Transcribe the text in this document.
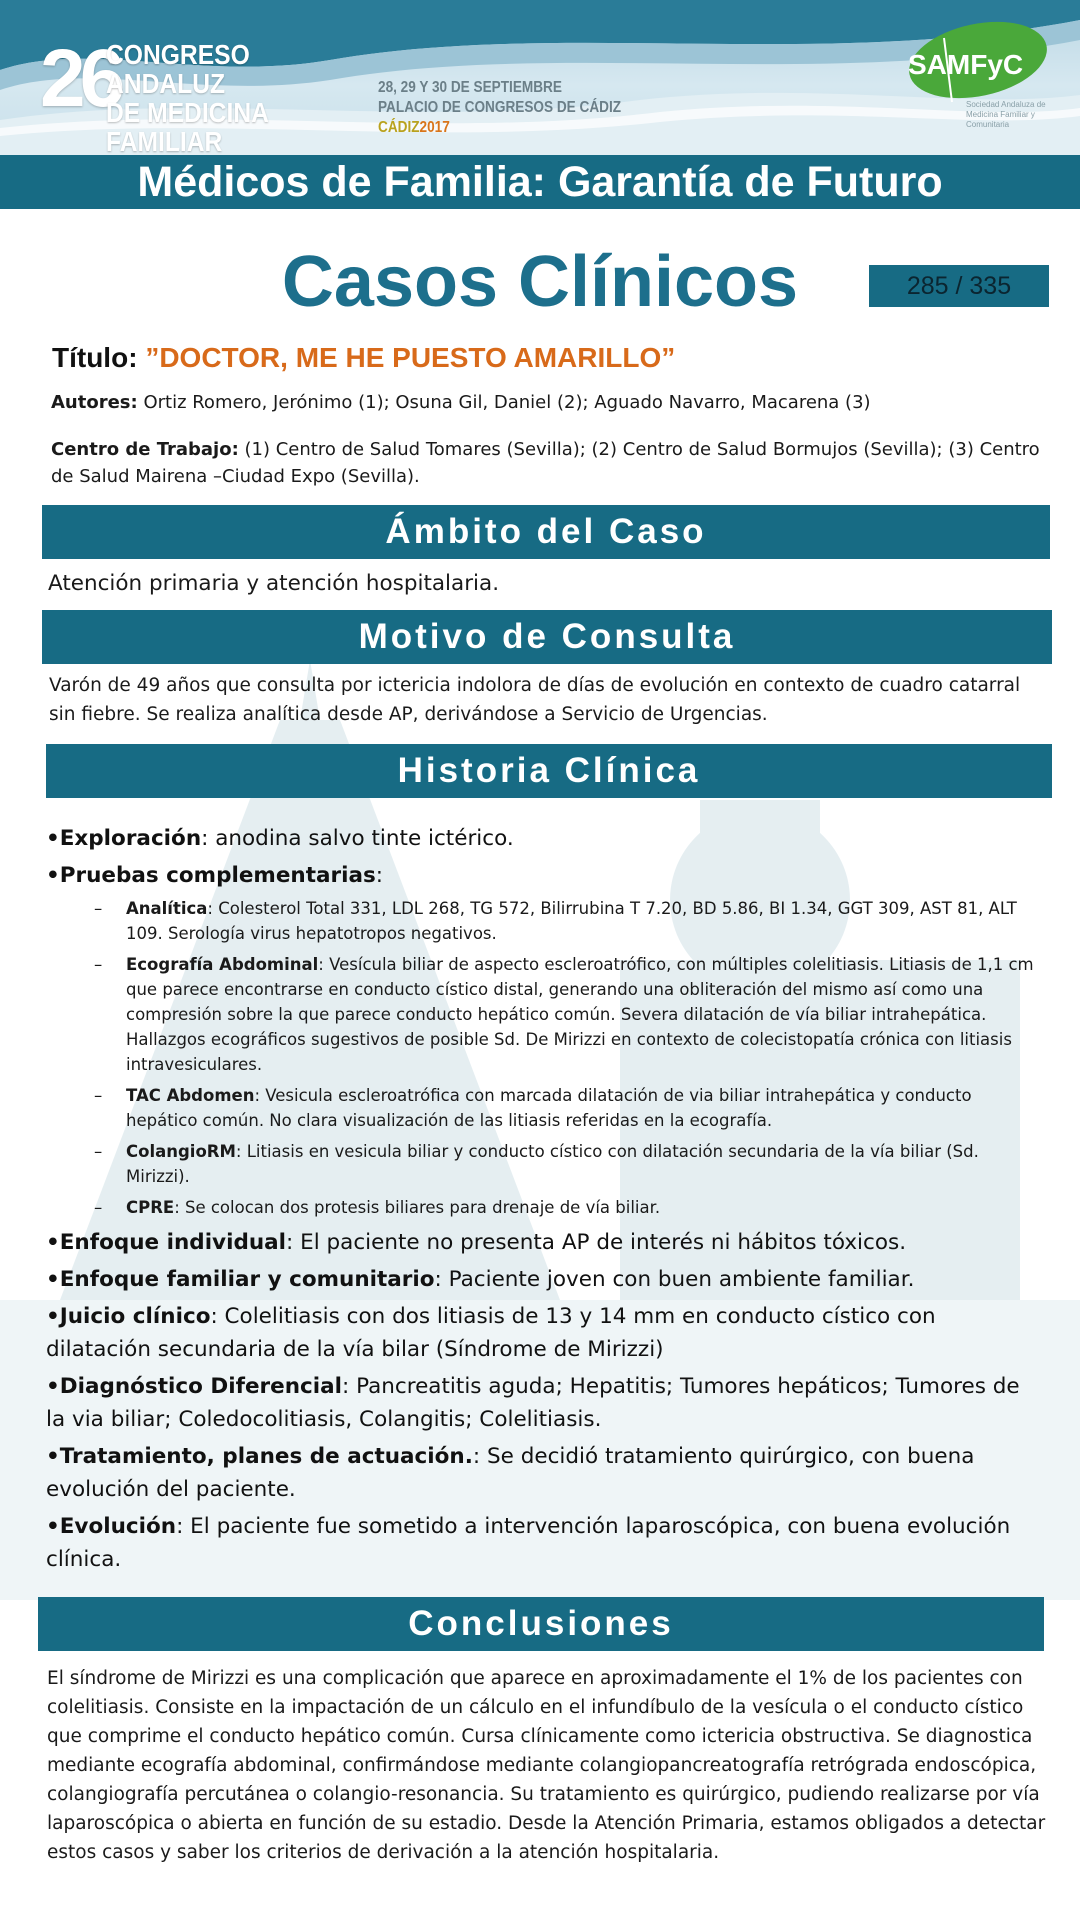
26
CONGRESO ANDALUZ
DE MEDICINA FAMILIAR
28, 29 Y 30 DE SEPTIEMBRE
PALACIO DE CONGRESOS DE CÁDIZ
CÁDIZ2017
SAMFyC
Sociedad Andaluza de Medicina Familiar y Comunitaria
Médicos de Familia: Garantía de Futuro
Casos Clínicos	285 / 335
Título: ”DOCTOR, ME HE PUESTO AMARILLO”
Autores: Ortiz Romero, Jerónimo (1); Osuna Gil, Daniel (2); Aguado Navarro, Macarena (3)
Centro de Trabajo: (1) Centro de Salud Tomares (Sevilla); (2) Centro de Salud Bormujos (Sevilla); (3) Centro de Salud Mairena –Ciudad Expo (Sevilla).
Ámbito del Caso
Atención primaria y atención hospitalaria.
Motivo de Consulta
Varón de 49 años que consulta por ictericia indolora de días de evolución en contexto de cuadro catarral sin fiebre. Se realiza analítica desde AP, derivándose a Servicio de Urgencias.
Historia Clínica
•Exploración: anodina salvo tinte ictérico.
•Pruebas complementarias:
– Analítica: Colesterol Total 331, LDL 268, TG 572, Bilirrubina T 7.20, BD 5.86, BI 1.34, GGT 309, AST 81, ALT 109. Serología virus hepatotropos negativos.
– Ecografía Abdominal: Vesícula biliar de aspecto escleroatrófico, con múltiples colelitiasis. Litiasis de 1,1 cm que parece encontrarse en conducto cístico distal, generando una obliteración del mismo así como una compresión sobre la que parece conducto hepático común. Severa dilatación de vía biliar intrahepática. Hallazgos ecográficos sugestivos de posible Sd. De Mirizzi en contexto de colecistopatía crónica con litiasis intravesiculares.
– TAC Abdomen: Vesicula escleroatrófica con marcada dilatación de via biliar intrahepática y conducto hepático común. No clara visualización de las litiasis referidas en la ecografía.
– ColangioRM: Litiasis en vesicula biliar y conducto cístico con dilatación secundaria de la vía biliar (Sd. Mirizzi).
– CPRE: Se colocan dos protesis biliares para drenaje de vía biliar.
•Enfoque individual: El paciente no presenta AP de interés ni hábitos tóxicos.
•Enfoque familiar y comunitario: Paciente joven con buen ambiente familiar.
•Juicio clínico: Colelitiasis con dos litiasis de 13 y 14 mm en conducto cístico con dilatación secundaria de la vía bilar (Síndrome de Mirizzi)
•Diagnóstico Diferencial: Pancreatitis aguda; Hepatitis; Tumores hepáticos; Tumores de la via biliar; Coledocolitiasis, Colangitis; Colelitiasis.
•Tratamiento, planes de actuación.: Se decidió tratamiento quirúrgico, con buena evolución del paciente.
•Evolución: El paciente fue sometido a intervención laparoscópica, con buena evolución clínica.
Conclusiones
El síndrome de Mirizzi es una complicación que aparece en aproximadamente el 1% de los pacientes con colelitiasis. Consiste en la impactación de un cálculo en el infundíbulo de la vesícula o el conducto cístico que comprime el conducto hepático común. Cursa clínicamente como ictericia obstructiva. Se diagnostica mediante ecografía abdominal, confirmándose mediante colangiopancreatografía retrógrada endoscópica, colangiografía percutánea o colangio-resonancia. Su tratamiento es quirúrgico, pudiendo realizarse por vía laparoscópica o abierta en función de su estadio. Desde la Atención Primaria, estamos obligados a detectar estos casos y saber los criterios de derivación a la atención hospitalaria.
